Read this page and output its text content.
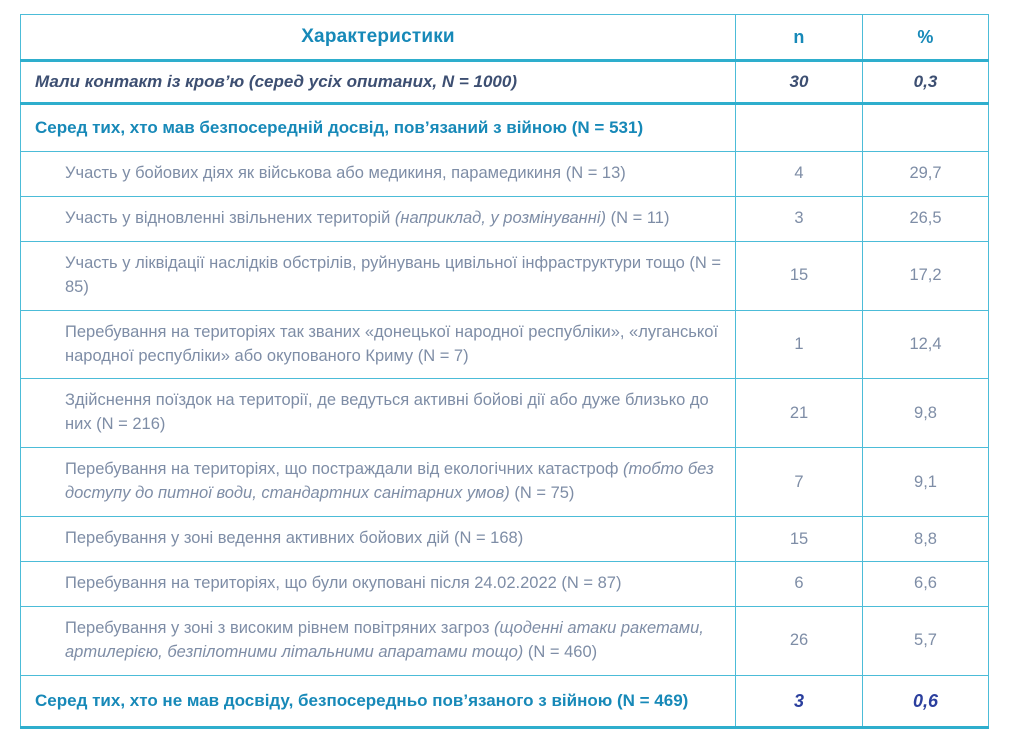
Характеристики	n	%
Мали контакт із кров’ю (серед усіх опитаних, N = 1000)	30	0,3
Серед тих, хто мав безпосередній досвід, пов’язаний з війною (N = 531)		
Участь у бойових діях як військова або медикиня, парамедикиня (N = 13)	4	29,7
Участь у відновленні звільнених територій (наприклад, у розмінуванні) (N = 11)	3	26,5
Участь у ліквідації наслідків обстрілів, руйнувань цивільної інфраструктури тощо (N = 85)	15	17,2
Перебування на територіях так званих «донецької народної республіки», «луганської народної республіки» або окупованого Криму (N = 7)	1	12,4
Здійснення поїздок на території, де ведуться активні бойові дії або дуже близько до них (N = 216)	21	9,8
Перебування на територіях, що постраждали від екологічних катастроф (тобто без доступу до питної води, стандартних санітарних умов) (N = 75)	7	9,1
Перебування у зоні ведення активних бойових дій (N = 168)	15	8,8
Перебування на територіях, що були окуповані після 24.02.2022 (N = 87)	6	6,6
Перебування у зоні з високим рівнем повітряних загроз (щоденні атаки ракетами, артилерією, безпілотними літальними апаратами тощо) (N = 460)	26	5,7
Серед тих, хто не мав досвіду, безпосередньо пов’язаного з війною (N = 469)	3	0,6
